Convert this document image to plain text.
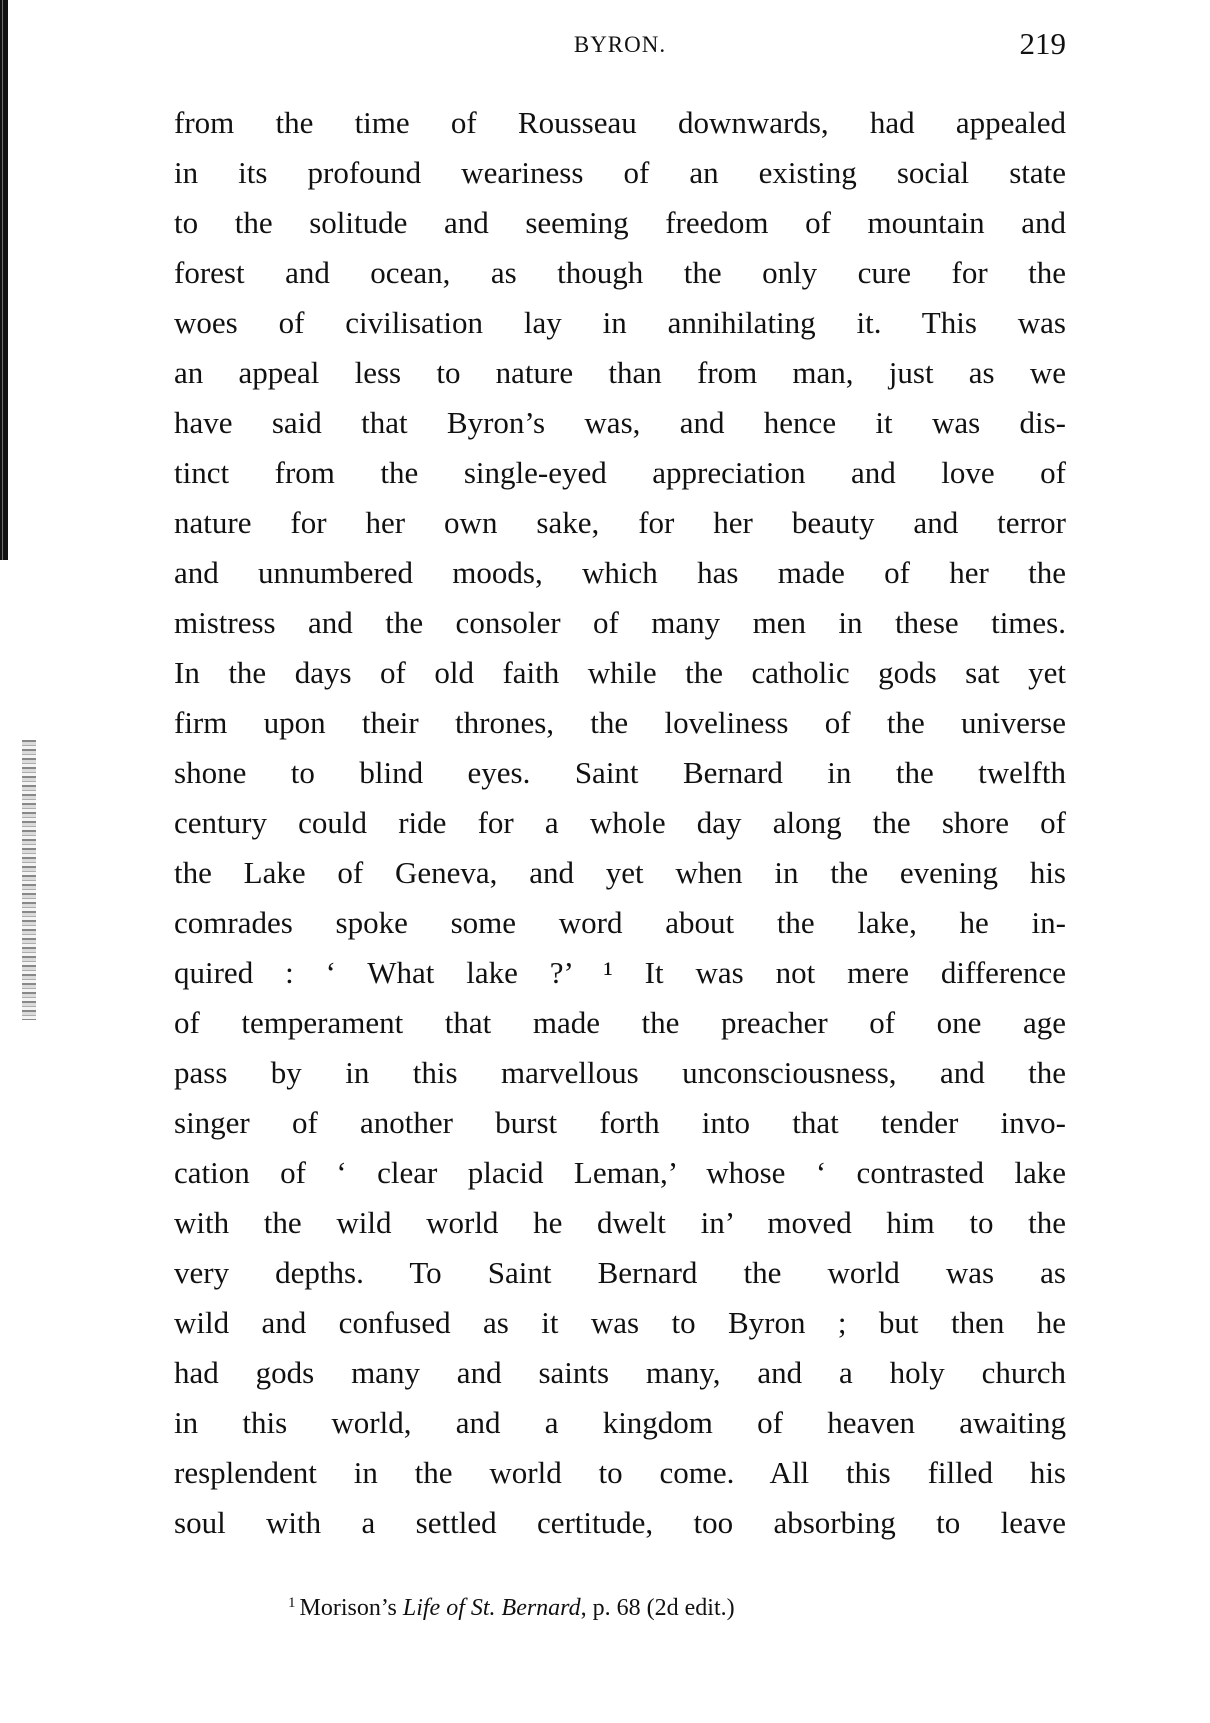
BYRON.	219
from the time of Rousseau downwards, had appealed
in its profound weariness of an existing social state
to the solitude and seeming freedom of mountain and
forest and ocean, as though the only cure for the
woes of civilisation lay in annihilating it. This was
an appeal less to nature than from man, just as we
have said that Byron’s was, and hence it was dis-
tinct from the single-eyed appreciation and love of
nature for her own sake, for her beauty and terror
and unnumbered moods, which has made of her the
mistress and the consoler of many men in these times.
In the days of old faith while the catholic gods sat yet
firm upon their thrones, the loveliness of the universe
shone to blind eyes. Saint Bernard in the twelfth
century could ride for a whole day along the shore of
the Lake of Geneva, and yet when in the evening his
comrades spoke some word about the lake, he in-
quired : ‘ What lake ?’ ¹ It was not mere difference
of temperament that made the preacher of one age
pass by in this marvellous unconsciousness, and the
singer of another burst forth into that tender invo-
cation of ‘ clear placid Leman,’ whose ‘ contrasted lake
with the wild world he dwelt in’ moved him to the
very depths. To Saint Bernard the world was as
wild and confused as it was to Byron ; but then he
had gods many and saints many, and a holy church
in this world, and a kingdom of heaven awaiting
resplendent in the world to come. All this filled his
soul with a settled certitude, too absorbing to leave
$^1$ Morison’s Life of St. Bernard, p. 68 (2d edit.)
